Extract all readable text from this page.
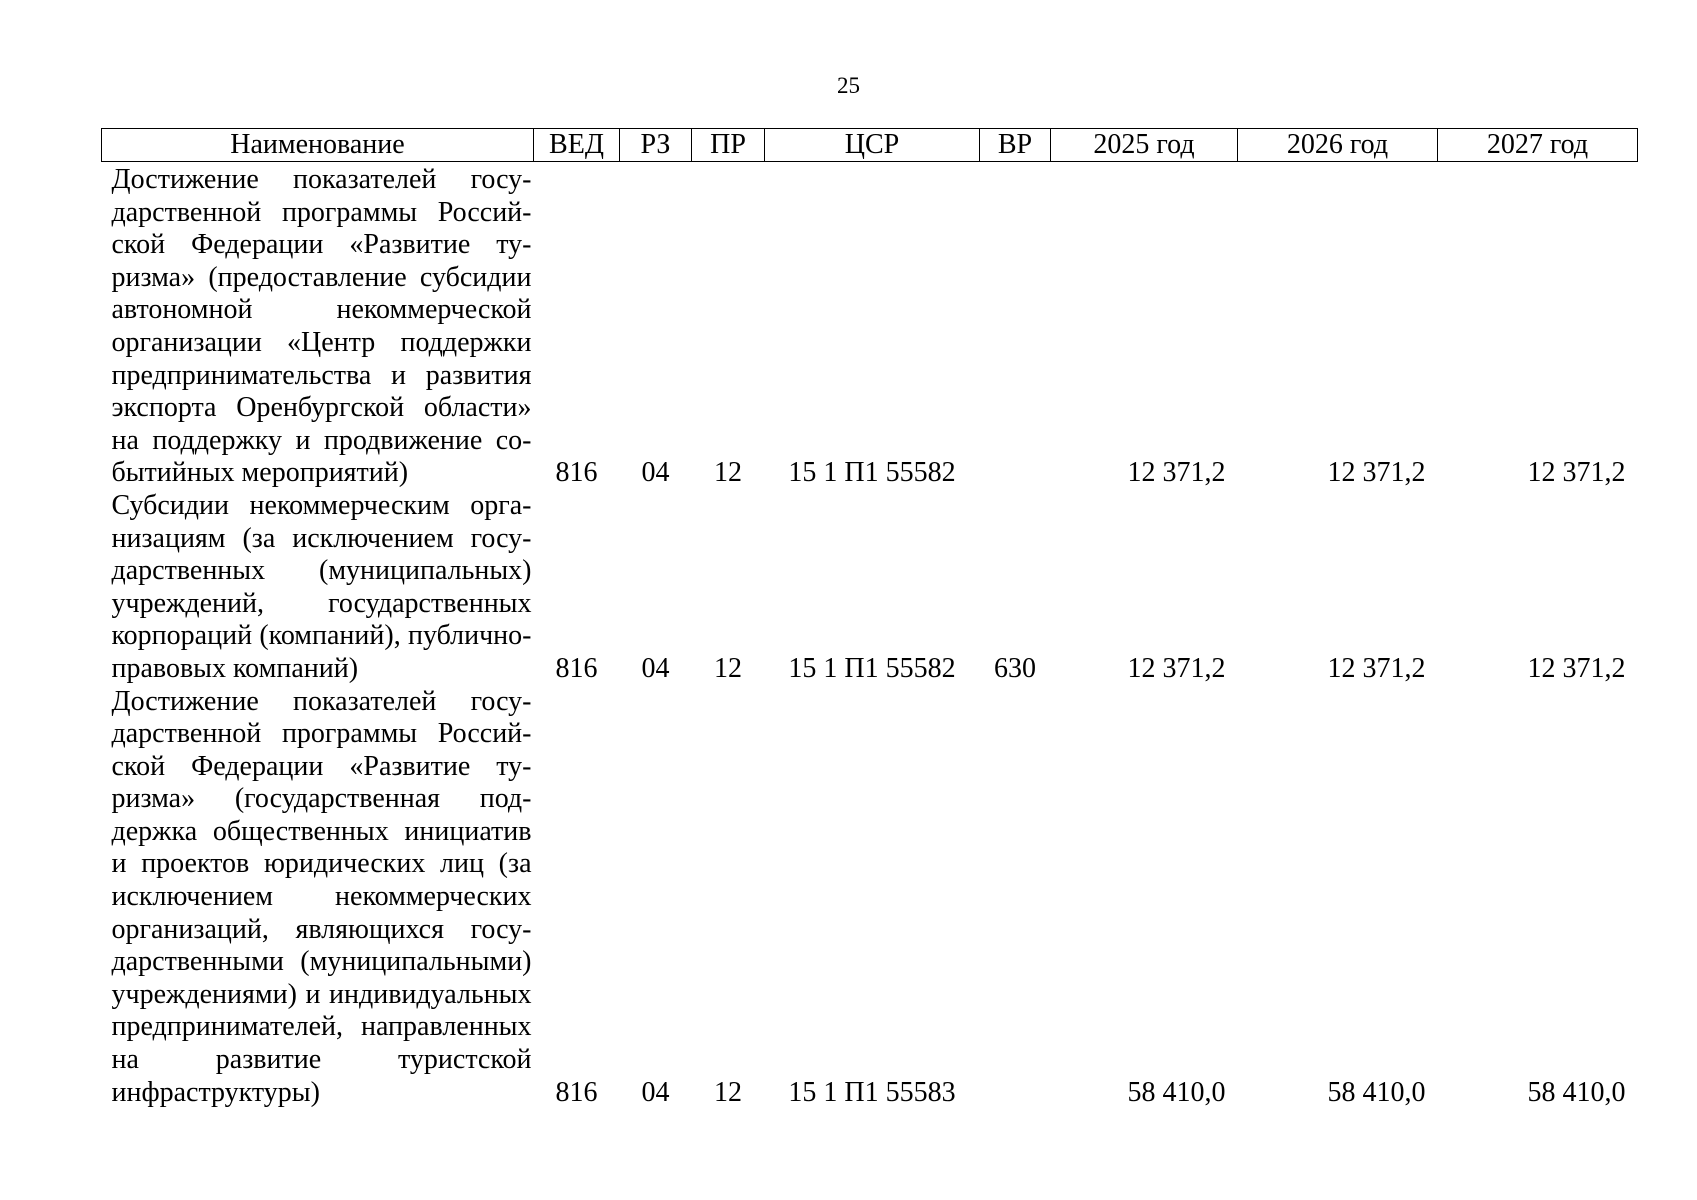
25
Наименование	ВЕД	РЗ	ПР	ЦСР	ВР	2025 год	2026 год	2027 год
Достижение показателей государственной программы Российской Федерации «Развитие туризма» (предоставление субсидии автономной некоммерческой организации «Центр поддержки предпринимательства и развития экспорта Оренбургской области» на поддержку и продвижение событийных мероприятий)	816	04	12	15 1 П1 55582		12 371,2	12 371,2	12 371,2
Субсидии некоммерческим организациям (за исключением государственных (муниципальных) учреждений, государственных корпораций (компаний), публично-правовых компаний)	816	04	12	15 1 П1 55582	630	12 371,2	12 371,2	12 371,2
Достижение показателей государственной программы Российской Федерации «Развитие туризма» (государственная поддержка общественных инициатив и проектов юридических лиц (за исключением некоммерческих организаций, являющихся государственными (муниципальными) учреждениями) и индивидуальных предпринимателей, направленных на развитие туристской инфраструктуры)	816	04	12	15 1 П1 55583		58 410,0	58 410,0	58 410,0
